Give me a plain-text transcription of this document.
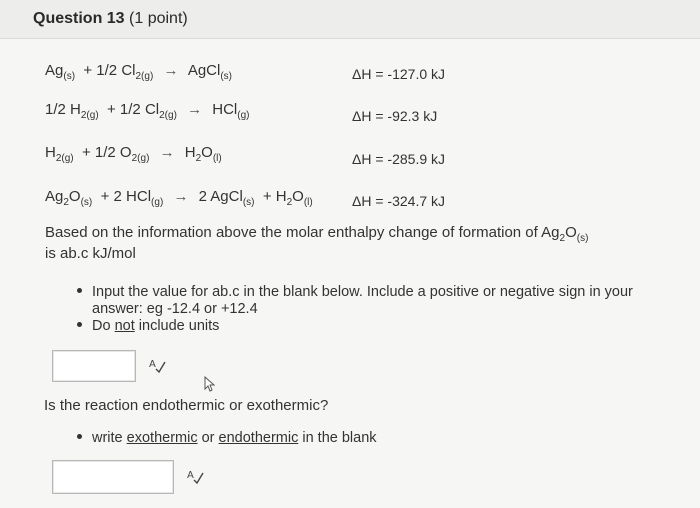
Question 13 (1 point)
$Ag_{(s)} + 1/2$ $Cl_{2(g)}$ → AgCl$_{(s)}$	ΔH = -127.0 kJ
1/2 $H_{2(g)} + 1/2$ $Cl_{2(g)} \to HCl_{(g)}$	ΔH = -92.3 kJ
$H_{2(g)} + 1/2$ $O_{2(g)} \to H_2O_{(l)}$	ΔH = -285.9 kJ
$Ag_2O_{(s)} + 2$ HCl$_{(g)}$ → 2 AgCl$_{(s)}$ + $H_2O_{(l)}$	ΔH = -324.7 kJ
Based on the information above the molar enthalpy change of formation of $Ag_2O_{(s)}$
is ab.c kJ/mol
Input the value for ab.c in the blank below. Include a positive or negative sign in your
answer: eg -12.4 or +12.4
Do not include units
A
Is the reaction endothermic or exothermic?
write exothermic or endothermic in the blank
A
